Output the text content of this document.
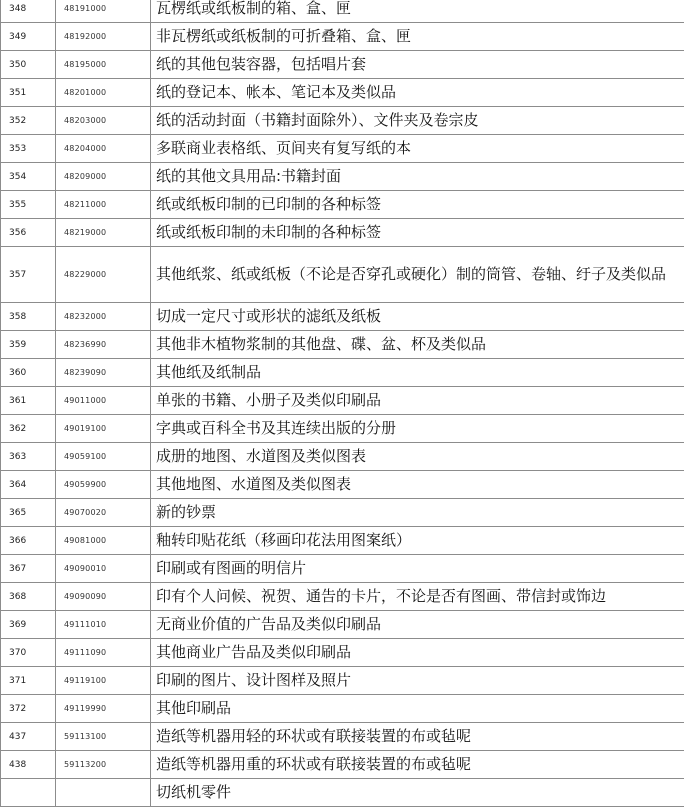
348	48191000	瓦楞纸或纸板制的箱、盒、匣
349	48192000	非瓦楞纸或纸板制的可折叠箱、盒、匣
350	48195000	纸的其他包装容器，包括唱片套
351	48201000	纸的登记本、帐本、笔记本及类似品
352	48203000	纸的活动封面（书籍封面除外）、文件夹及卷宗皮
353	48204000	多联商业表格纸、页间夹有复写纸的本
354	48209000	纸的其他文具用品:书籍封面
355	48211000	纸或纸板印制的已印制的各种标签
356	48219000	纸或纸板印制的未印制的各种标签
357	48229000	其他纸浆、纸或纸板（不论是否穿孔或硬化）制的筒管、卷轴、纡子及类似品
358	48232000	切成一定尺寸或形状的滤纸及纸板
359	48236990	其他非木植物浆制的其他盘、碟、盆、杯及类似品
360	48239090	其他纸及纸制品
361	49011000	单张的书籍、小册子及类似印刷品
362	49019100	字典或百科全书及其连续出版的分册
363	49059100	成册的地图、水道图及类似图表
364	49059900	其他地图、水道图及类似图表
365	49070020	新的钞票
366	49081000	釉转印贴花纸（移画印花法用图案纸）
367	49090010	印刷或有图画的明信片
368	49090090	印有个人问候、祝贺、通告的卡片，不论是否有图画、带信封或饰边
369	49111010	无商业价值的广告品及类似印刷品
370	49111090	其他商业广告品及类似印刷品
371	49119100	印刷的图片、设计图样及照片
372	49119990	其他印刷品
437	59113100	造纸等机器用轻的环状或有联接装置的布或毡呢
438	59113200	造纸等机器用重的环状或有联接装置的布或毡呢
		切纸机零件
